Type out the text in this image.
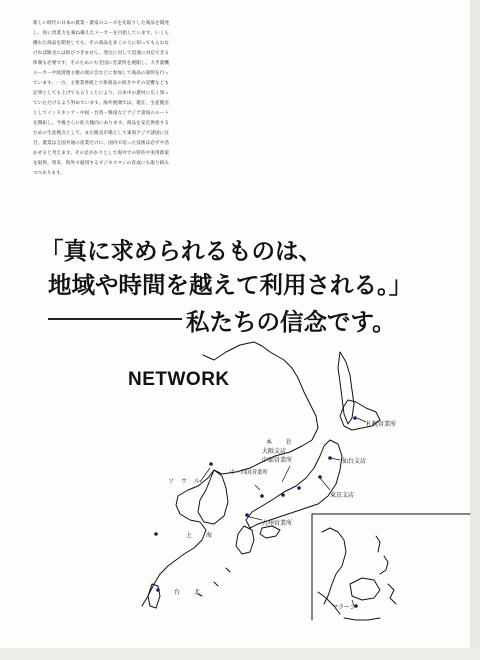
新しい時代の日本の農業・農家のニーズを先取りした商品を開発し、高い営業力を兼ね備えたメーカーを目指しています。いくら優れた商品を開発しても、その商品を多くの人に知ってもらわなければ販売には結びつきません。発注に対して迅速に対応できる体制も必要です。そのためにも全国に営業所を展開し、大手農機メーカーや経済連主催の展示会などに参加して商品の説明を行っています。一方、主要業界紙上で新商品の紹介やその反響なども記事としても上げてもらうことにより、日本中の農村に広く知っていただけるよう努めています。海外展開では、現在、生産拠点としてインドネシア・中国・台湾・韓国などアジア諸国のルートを開拓し、今後さらに拡大傾向にあります。商品を安定供給するための生産拠点として、また販売市場として東南アジア諸国に注目。農業は万国共通の産業だけに、国内で培った技術は必ずや活かせると考えます。その足がかりとして海外での特許や実用新案を取得。将来、海外で通用するビジネスマンの育成にも取り組みつつあります。

「真に求められるものは、
地域や時間を越えて利用される。」
私たちの信念です。
NETWORK
札幌営業所
仙台支店
東京支店
本 社
大阪支店
中部営業所
中・四国営業所
九州営業所
ソウル
上海
台北
マラーン
